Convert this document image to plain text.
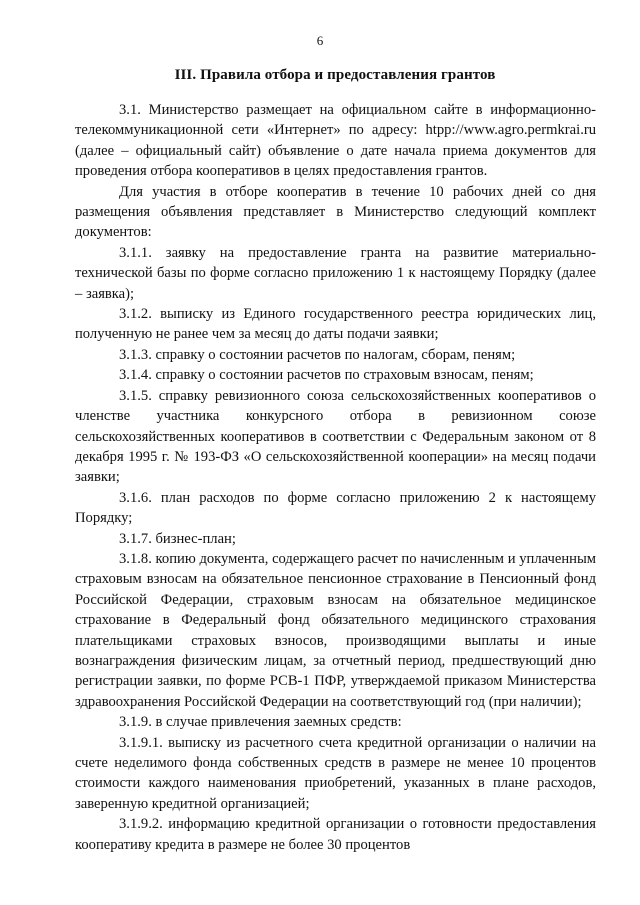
6
III. Правила отбора и предоставления грантов

3.1. Министерство размещает на официальном сайте в информационно-телекоммуникационной сети «Интернет» по адресу: htpp://www.agro.permkrai.ru (далее – официальный сайт) объявление о дате начала приема документов для проведения отбора кооперативов в целях предоставления грантов.

Для участия в отборе кооператив в течение 10 рабочих дней со дня размещения объявления представляет в Министерство следующий комплект документов:

3.1.1. заявку на предоставление гранта на развитие материально-технической базы по форме согласно приложению 1 к настоящему Порядку (далее – заявка);

3.1.2. выписку из Единого государственного реестра юридических лиц, полученную не ранее чем за месяц до даты подачи заявки;

3.1.3. справку о состоянии расчетов по налогам, сборам, пеням;

3.1.4. справку о состоянии расчетов по страховым взносам, пеням;

3.1.5. справку ревизионного союза сельскохозяйственных кооперативов о членстве участника конкурсного отбора в ревизионном союзе сельскохозяйственных кооперативов в соответствии с Федеральным законом от 8 декабря 1995 г. № 193-ФЗ «О сельскохозяйственной кооперации» на месяц подачи заявки;

3.1.6. план расходов по форме согласно приложению 2 к настоящему Порядку;

3.1.7. бизнес-план;

3.1.8. копию документа, содержащего расчет по начисленным и уплаченным страховым взносам на обязательное пенсионное страхование в Пенсионный фонд Российской Федерации, страховым взносам на обязательное медицинское страхование в Федеральный фонд обязательного медицинского страхования плательщиками страховых взносов, производящими выплаты и иные вознаграждения физическим лицам, за отчетный период, предшествующий дню регистрации заявки, по форме РСВ-1 ПФР, утверждаемой приказом Министерства здравоохранения Российской Федерации на соответствующий год (при наличии);

3.1.9. в случае привлечения заемных средств:

3.1.9.1. выписку из расчетного счета кредитной организации о наличии на счете неделимого фонда собственных средств в размере не менее 10 процентов стоимости каждого наименования приобретений, указанных в плане расходов, заверенную кредитной организацией;

3.1.9.2. информацию кредитной организации о готовности предоставления кооперативу кредита в размере не более 30 процентов
